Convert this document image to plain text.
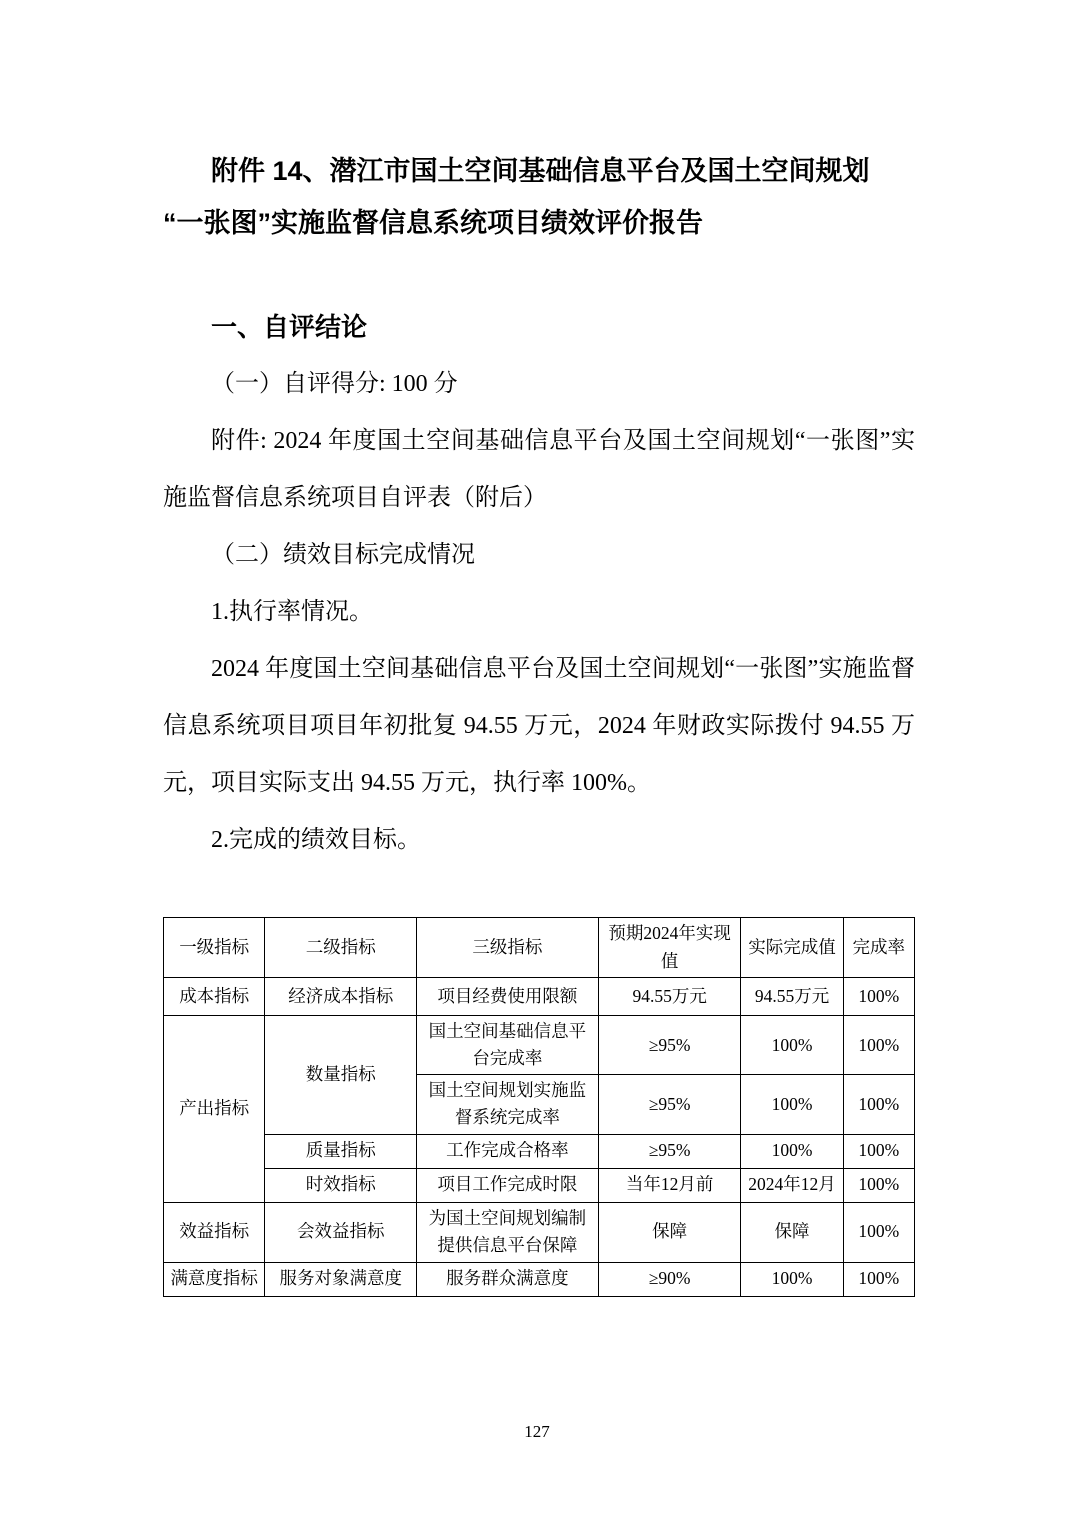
附件 14、潜江市国土空间基础信息平台及国土空间规划
“一张图”实施监督信息系统项目绩效评价报告
一、自评结论

（一）自评得分: 100 分

附件: 2024 年度国土空间基础信息平台及国土空间规划“一张图”实施监督信息系统项目自评表（附后）

（二）绩效目标完成情况

1.执行率情况。

2024 年度国土空间基础信息平台及国土空间规划“一张图”实施监督信息系统项目项目年初批复 94.55 万元，2024 年财政实际拨付 94.55 万元，项目实际支出 94.55 万元，执行率 100%。

2.完成的绩效目标。

一级指标	二级指标	三级指标	预期2024年实现值	实际完成值	完成率
成本指标	经济成本指标	项目经费使用限额	94.55万元	94.55万元	100%
产出指标	数量指标	国土空间基础信息平台完成率	≥95%	100%	100%
		国土空间规划实施监督系统完成率	≥95%	100%	100%
	质量指标	工作完成合格率	≥95%	100%	100%
	时效指标	项目工作完成时限	当年12月前	2024年12月	100%
效益指标	会效益指标	为国土空间规划编制提供信息平台保障	保障	保障	100%
满意度指标	服务对象满意度	服务群众满意度	≥90%	100%	100%
127
